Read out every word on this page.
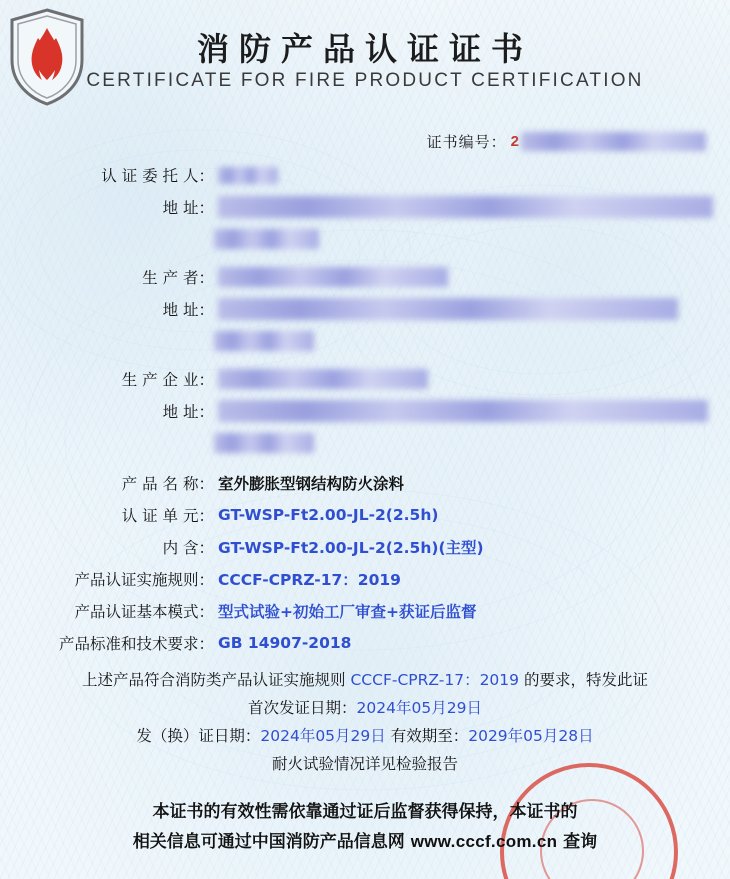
消防产品认证证书
CERTIFICATE FOR FIRE PRODUCT CERTIFICATION
证书编号： 2
认 证 委 托 人：
地 址：
生 产 者：
地 址：
生 产 企 业：
地 址：
产 品 名 称： 室外膨胀型钢结构防火涂料
认 证 单 元： GT-WSP-Ft2.00-JL-2(2.5h)
内 含： GT-WSP-Ft2.00-JL-2(2.5h)(主型)
产品认证实施规则： CCCF-CPRZ-17：2019
产品认证基本模式： 型式试验+初始工厂审查+获证后监督
产品标准和技术要求： GB 14907-2018
上述产品符合消防类产品认证实施规则 CCCF-CPRZ-17：2019 的要求，特发此证
首次发证日期：2024年05月29日
发（换）证日期：2024年05月29日 有效期至：2029年05月28日
耐火试验情况详见检验报告
本证书的有效性需依靠通过证后监督获得保持，本证书的
相关信息可通过中国消防产品信息网 www.cccf.com.cn 查询
